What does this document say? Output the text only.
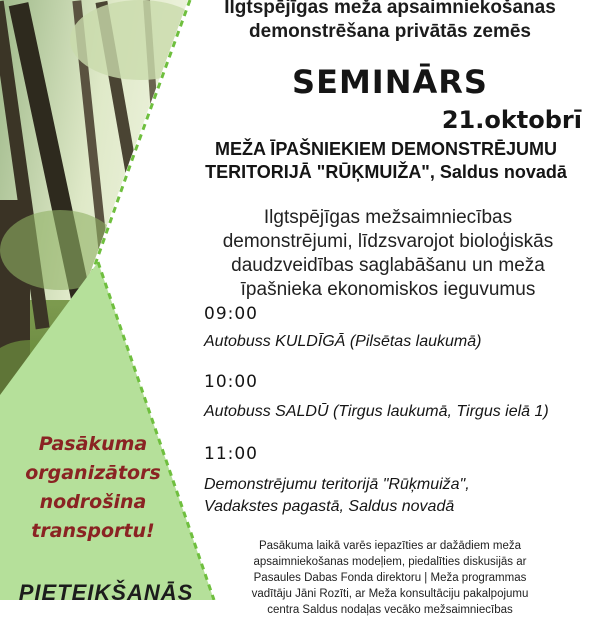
Pasākuma
organizātors
nodrošina
transportu!
PIETEIKŠANĀS
Ilgtspējīgas meža apsaimniekošanas
demonstrēšana privātās zemēs
SEMINĀRS
21.oktobrī
MEŽA ĪPAŠNIEKIEM DEMONSTRĒJUMU
TERITORIJĀ "RŪĶMUIŽA", Saldus novadā
Ilgtspējīgas mežsaimniecības
demonstrējumi, līdzsvarojot bioloģiskās
daudzveidības saglabāšanu un meža
īpašnieka ekonomiskos ieguvumus
09:00
Autobuss KULDĪGĀ (Pilsētas laukumā)
10:00
Autobuss SALDŪ (Tirgus laukumā, Tirgus ielā 1)
11:00
Demonstrējumu teritorijā "Rūķmuiža",
Vadakstes pagastā, Saldus novadā
Pasākuma laikā varēs iepazīties ar dažādiem meža
apsaimniekošanas modeļiem, piedalīties diskusijās ar
Pasaules Dabas Fonda direktoru | Meža programmas
vadītāju Jāni Rozīti, ar Meža konsultāciju pakalpojumu
centra Saldus nodaļas vecāko mežsaimniecības
